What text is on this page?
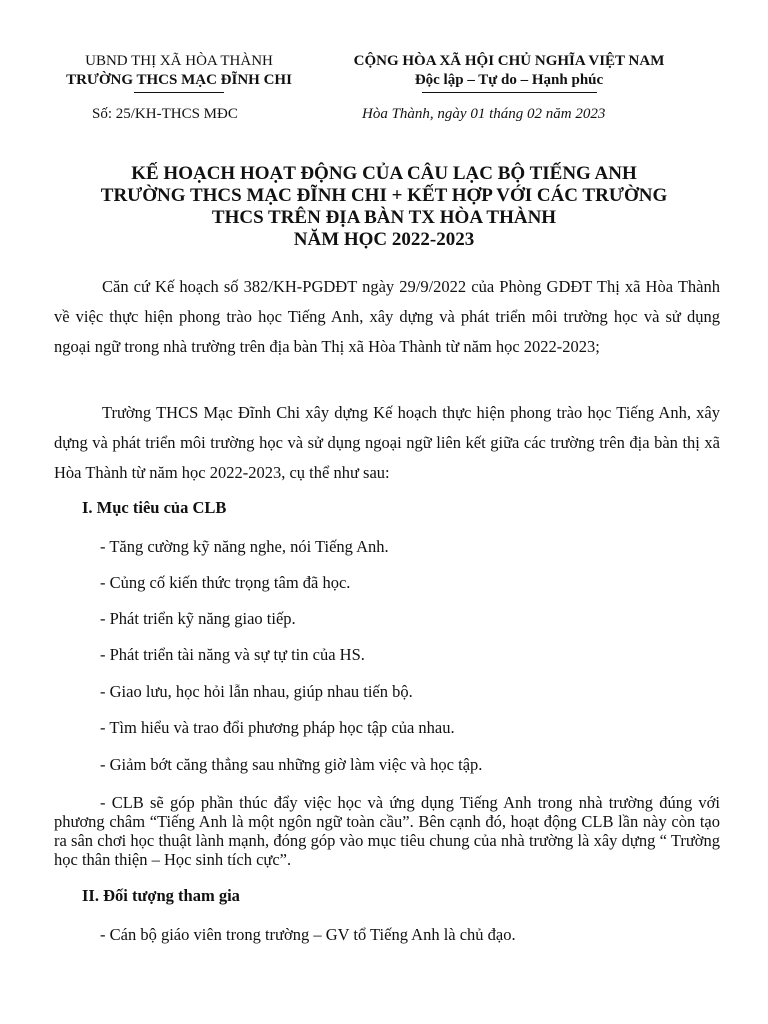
UBND THỊ XÃ HÒA THÀNH
TRƯỜNG THCS MẠC ĐĨNH CHI
CỘNG HÒA XÃ HỘI CHỦ NGHĨA VIỆT NAM
Độc lập – Tự do – Hạnh phúc
Số: 25/KH-THCS MĐC	Hòa Thành, ngày 01 tháng 02 năm 2023
KẾ HOẠCH HOẠT ĐỘNG CỦA CÂU LẠC BỘ TIẾNG ANH
TRƯỜNG THCS MẠC ĐĨNH CHI + KẾT HỢP VỚI CÁC TRƯỜNG
THCS TRÊN ĐỊA BÀN TX HÒA THÀNH
NĂM HỌC 2022-2023
Căn cứ Kế hoạch số 382/KH-PGDĐT ngày 29/9/2022 của Phòng GDĐT Thị xã Hòa Thành về việc thực hiện phong trào học Tiếng Anh, xây dựng và phát triển môi trường học và sử dụng ngoại ngữ trong nhà trường trên địa bàn Thị xã Hòa Thành từ năm học 2022-2023;
Trường THCS Mạc Đĩnh Chi xây dựng Kế hoạch thực hiện phong trào học Tiếng Anh, xây dựng và phát triển môi trường học và sử dụng ngoại ngữ liên kết giữa các trường trên địa bàn thị xã Hòa Thành từ năm học 2022-2023, cụ thể như sau:
I. Mục tiêu của CLB
- Tăng cường kỹ năng nghe, nói Tiếng Anh.
- Củng cố kiến thức trọng tâm đã học.
- Phát triển kỹ năng giao tiếp.
- Phát triển tài năng và sự tự tin của HS.
- Giao lưu, học hỏi lẫn nhau, giúp nhau tiến bộ.
- Tìm hiểu và trao đổi phương pháp học tập của nhau.
- Giảm bớt căng thẳng sau những giờ làm việc và học tập.
- CLB sẽ góp phần thúc đẩy việc học và ứng dụng Tiếng Anh trong nhà trường đúng với phương châm “Tiếng Anh là một ngôn ngữ toàn cầu”. Bên cạnh đó, hoạt động CLB lần này còn tạo ra sân chơi học thuật lành mạnh, đóng góp vào mục tiêu chung của nhà trường là xây dựng “ Trường học thân thiện – Học sinh tích cực”.
II. Đối tượng tham gia
- Cán bộ giáo viên trong trường – GV tổ Tiếng Anh là chủ đạo.
